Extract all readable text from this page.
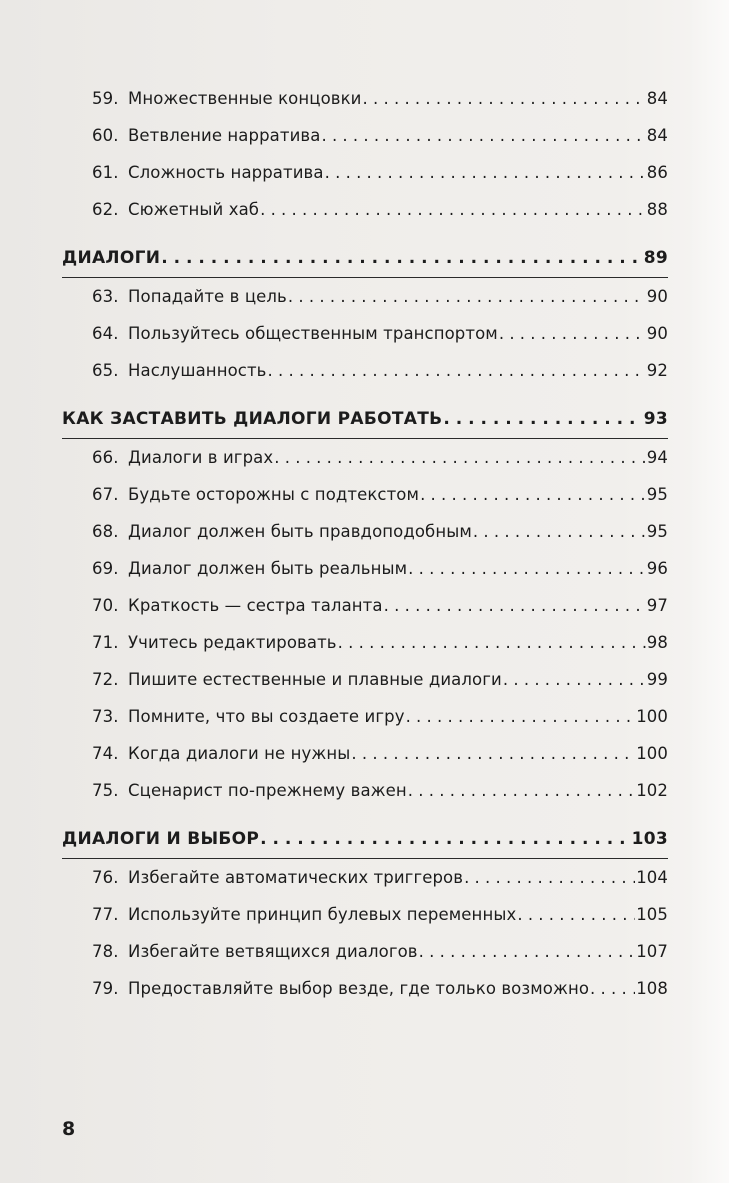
59. Множественные концовки . . .	84
60. Ветвление нарратива . . .	84
61. Сложность нарратива . . .	86
62. Сюжетный хаб . . .	88
ДИАЛОГИ . . .	89
63. Попадайте в цель . . .	90
64. Пользуйтесь общественным транспортом . . .	90
65. Наслушанность . . .	92
КАК ЗАСТАВИТЬ ДИАЛОГИ РАБОТАТЬ . . .	93
66. Диалоги в играх . . .	94
67. Будьте осторожны с подтекстом . . .	95
68. Диалог должен быть правдоподобным . . .	95
69. Диалог должен быть реальным . . .	96
70. Краткость — сестра таланта . . .	97
71. Учитесь редактировать . . .	98
72. Пишите естественные и плавные диалоги . . .	99
73. Помните, что вы создаете игру . . .	100
74. Когда диалоги не нужны . . .	100
75. Сценарист по-прежнему важен . . .	102
ДИАЛОГИ И ВЫБОР . . .	103
76. Избегайте автоматических триггеров . . .	104
77. Используйте принцип булевых переменных . . .	105
78. Избегайте ветвящихся диалогов . . .	107
79. Предоставляйте выбор везде, где только возможно . . .	108
8
